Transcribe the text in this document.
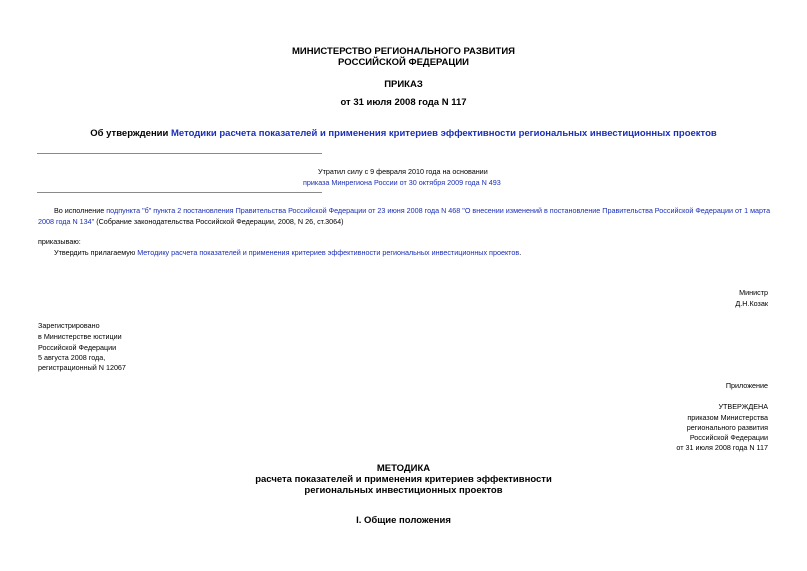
МИНИСТЕРСТВО РЕГИОНАЛЬНОГО РАЗВИТИЯ
РОССИЙСКОЙ ФЕДЕРАЦИИ
ПРИКАЗ
от 31 июля 2008 года N 117
Об утверждении Методики расчета показателей и применения критериев эффективности региональных инвестиционных проектов
Утратил силу с 9 февраля 2010 года на основании
приказа Минрегиона России от 30 октября 2009 года N 493
Во исполнение подпункта "б" пункта 2 постановления Правительства Российской Федерации от 23 июня 2008 года N 468 "О внесении изменений в постановление Правительства Российской Федерации от 1 марта
2008 года N 134" (Собрание законодательства Российской Федерации, 2008, N 26, ст.3064)
приказываю:
Утвердить прилагаемую Методику расчета показателей и применения критериев эффективности региональных инвестиционных проектов.
Министр
Д.Н.Козак
Зарегистрировано
в Министерстве юстиции
Российской Федерации
5 августа 2008 года,
регистрационный N 12067
Приложение
УТВЕРЖДЕНА
приказом Министерства
регионального развития
Российской Федерации
от 31 июля 2008 года N 117
МЕТОДИКА
расчета показателей и применения критериев эффективности
региональных инвестиционных проектов
I. Общие положения
